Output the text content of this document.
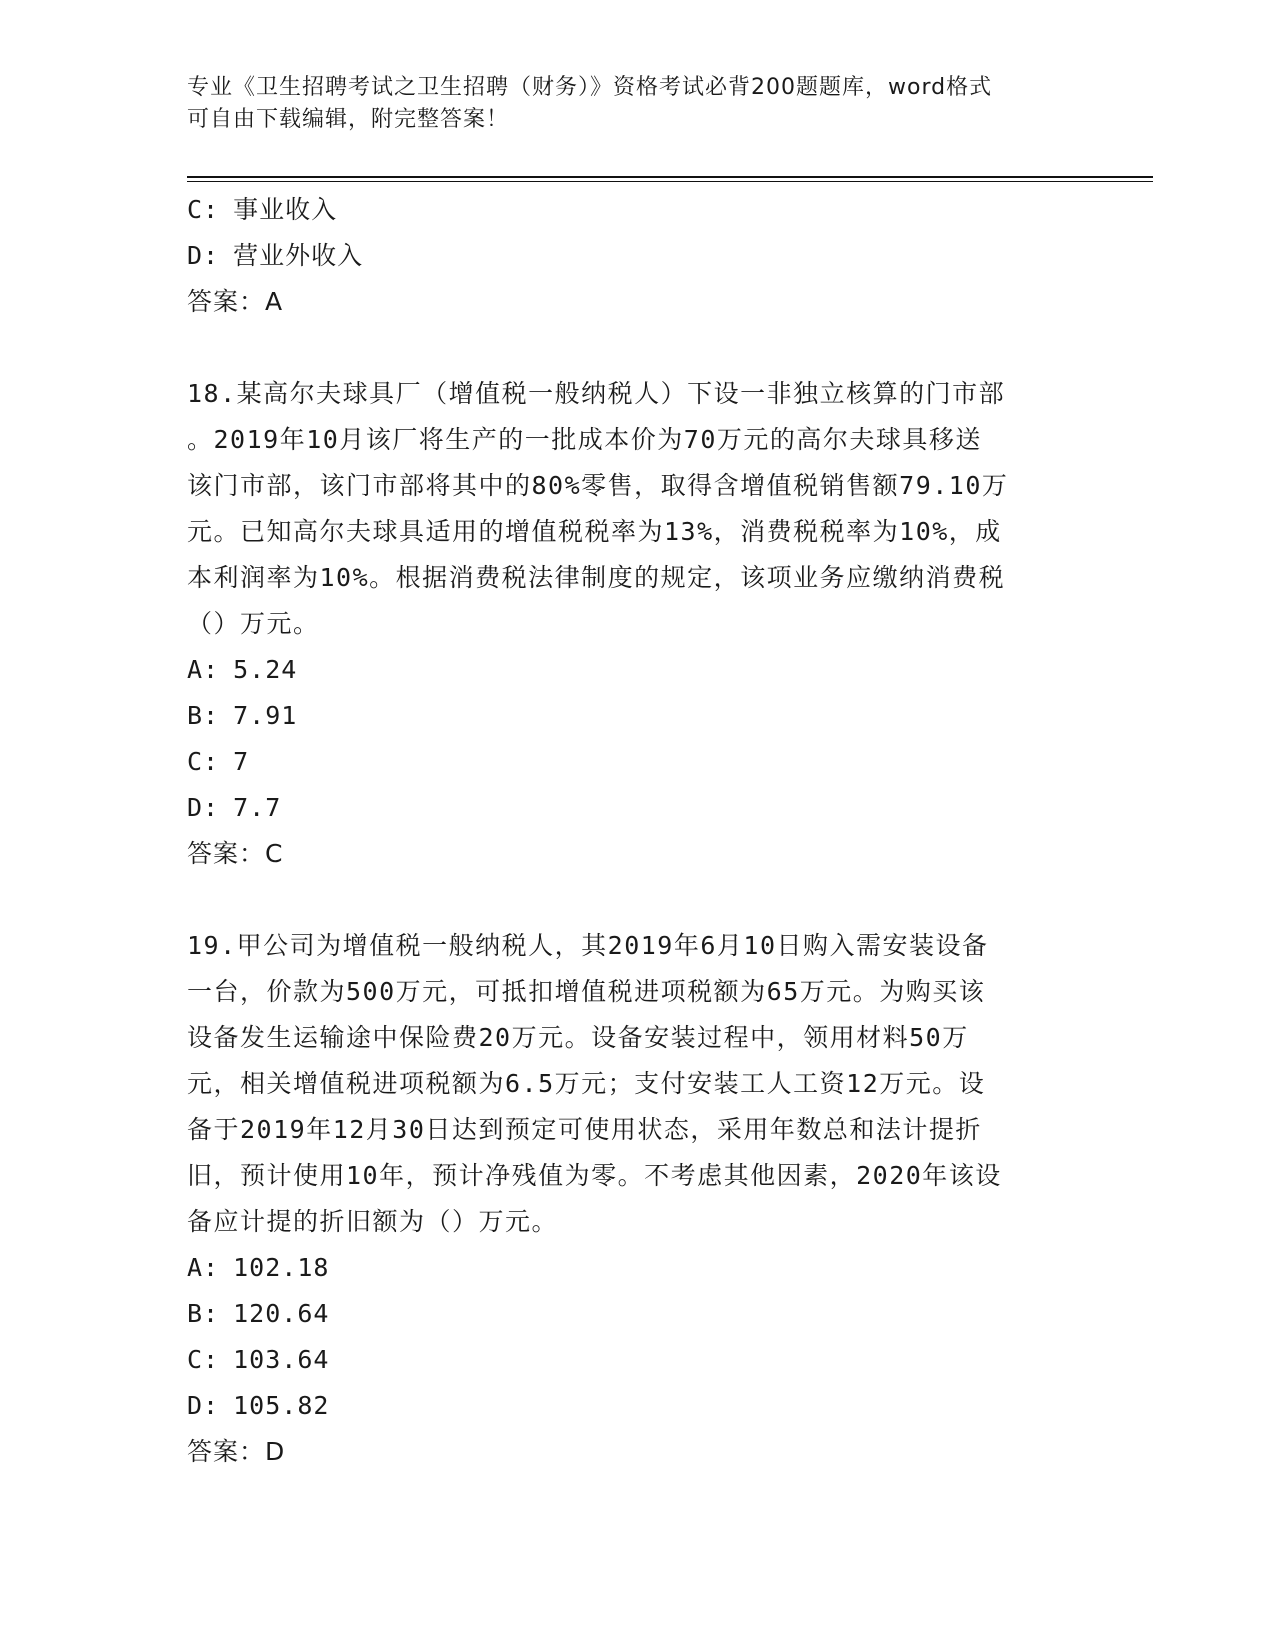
专业《卫生招聘考试之卫生招聘（财务）》资格考试必背200题题库，word格式
可自由下载编辑，附完整答案！
C: 事业收入
D: 营业外收入
答案：A
18.某高尔夫球具厂（增值税一般纳税人）下设一非独立核算的门市部
。2019年10月该厂将生产的一批成本价为70万元的高尔夫球具移送
该门市部，该门市部将其中的80%零售，取得含增值税销售额79.10万
元。已知高尔夫球具适用的增值税税率为13%，消费税税率为10%，成
本利润率为10%。根据消费税法律制度的规定，该项业务应缴纳消费税
（）万元。
A: 5.24
B: 7.91
C: 7
D: 7.7
答案：C
19.甲公司为增值税一般纳税人，其2019年6月10日购入需安装设备
一台，价款为500万元，可抵扣增值税进项税额为65万元。为购买该
设备发生运输途中保险费20万元。设备安装过程中，领用材料50万
元，相关增值税进项税额为6.5万元；支付安装工人工资12万元。设
备于2019年12月30日达到预定可使用状态，采用年数总和法计提折
旧，预计使用10年，预计净残值为零。不考虑其他因素，2020年该设
备应计提的折旧额为（）万元。
A: 102.18
B: 120.64
C: 103.64
D: 105.82
答案：D
